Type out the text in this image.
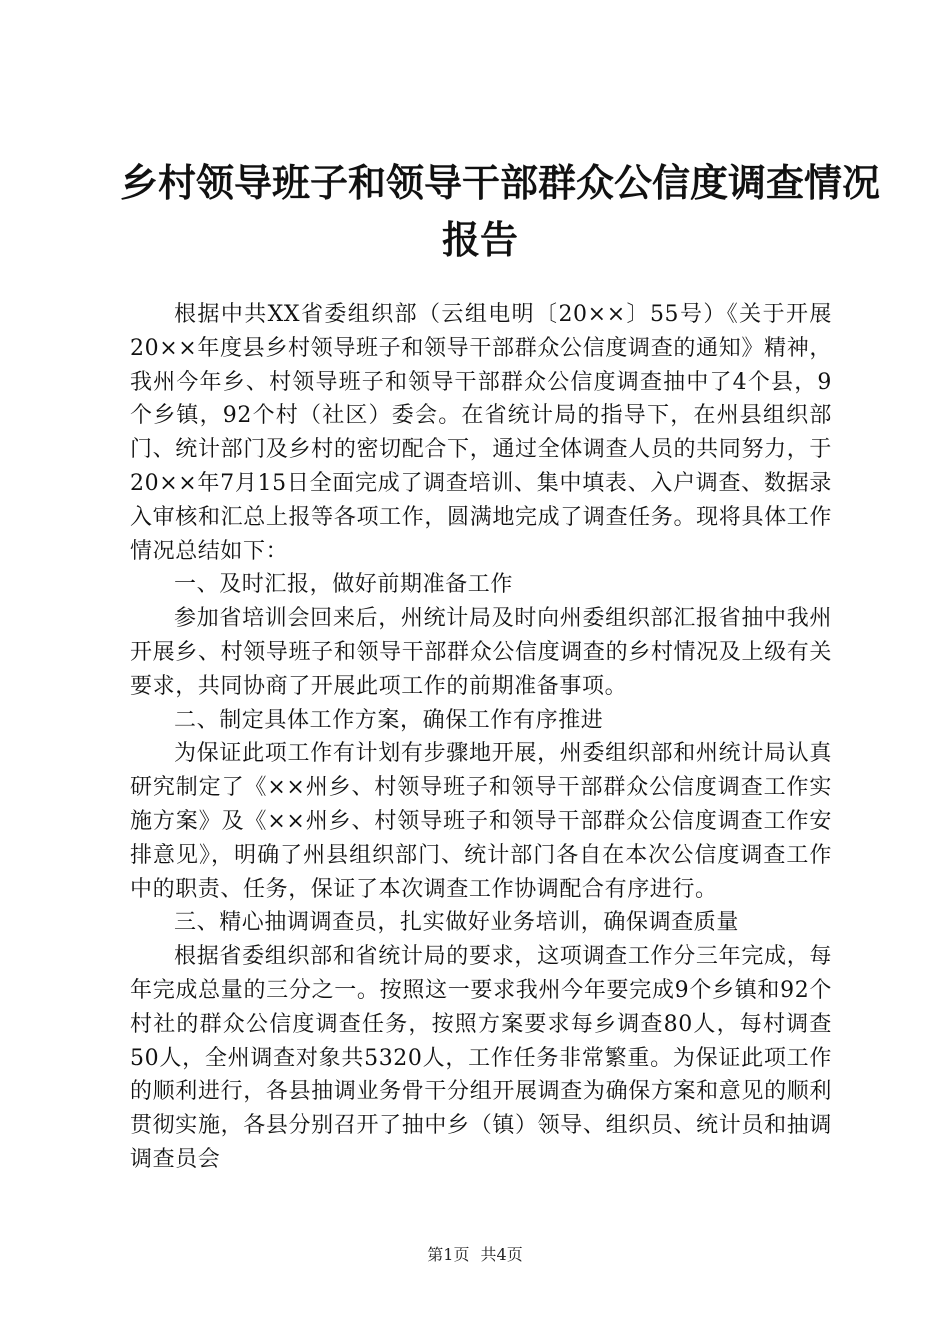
乡村领导班子和领导干部群众公信度调查情况
报告

根据中共XX省委组织部（云组电明〔20××〕55号）《关于开展20××年度县乡村领导班子和领导干部群众公信度调查的通知》精神，我州今年乡、村领导班子和领导干部群众公信度调查抽中了4个县，9个乡镇，92个村（社区）委会。在省统计局的指导下，在州县组织部门、统计部门及乡村的密切配合下，通过全体调查人员的共同努力，于20××年7月15日全面完成了调查培训、集中填表、入户调查、数据录入审核和汇总上报等各项工作，圆满地完成了调查任务。现将具体工作情况总结如下：

一、及时汇报，做好前期准备工作

参加省培训会回来后，州统计局及时向州委组织部汇报省抽中我州开展乡、村领导班子和领导干部群众公信度调查的乡村情况及上级有关要求，共同协商了开展此项工作的前期准备事项。

二、制定具体工作方案，确保工作有序推进

为保证此项工作有计划有步骤地开展，州委组织部和州统计局认真研究制定了《××州乡、村领导班子和领导干部群众公信度调查工作实施方案》及《××州乡、村领导班子和领导干部群众公信度调查工作安排意见》，明确了州县组织部门、统计部门各自在本次公信度调查工作中的职责、任务，保证了本次调查工作协调配合有序进行。

三、精心抽调调查员，扎实做好业务培训，确保调查质量

根据省委组织部和省统计局的要求，这项调查工作分三年完成，每年完成总量的三分之一。按照这一要求我州今年要完成9个乡镇和92个村社的群众公信度调查任务，按照方案要求每乡调查80人，每村调查50人，全州调查对象共5320人，工作任务非常繁重。为保证此项工作的顺利进行，各县抽调业务骨干分组开展调查为确保方案和意见的顺利贯彻实施，各县分别召开了抽中乡（镇）领导、组织员、统计员和抽调调查员会

第1页 共4页
